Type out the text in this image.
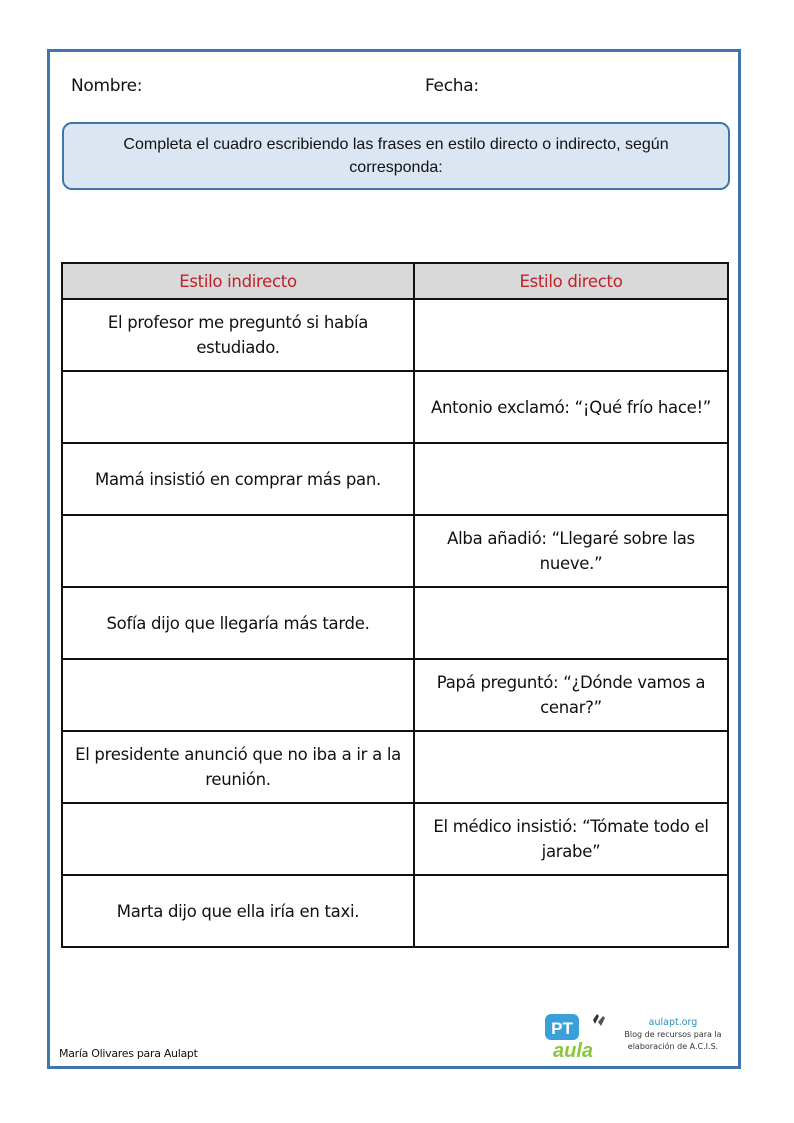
Nombre:	Fecha:
Completa el cuadro escribiendo las frases en estilo directo o indirecto, según corresponda:
Estilo indirecto	Estilo directo
El profesor me preguntó si había estudiado.	
	Antonio exclamó: “¡Qué frío hace!”
Mamá insistió en comprar más pan.	
	Alba añadió: “Llegaré sobre las nueve.”
Sofía dijo que llegaría más tarde.	
	Papá preguntó: “¿Dónde vamos a cenar?”
El presidente anunció que no iba a ir a la reunión.	
	El médico insistió: “Tómate todo el jarabe”
Marta dijo que ella iría en taxi.	
María Olivares para Aulapt
PT
aula
aulapt.org
Blog de recursos para la elaboración de A.C.I.S.
